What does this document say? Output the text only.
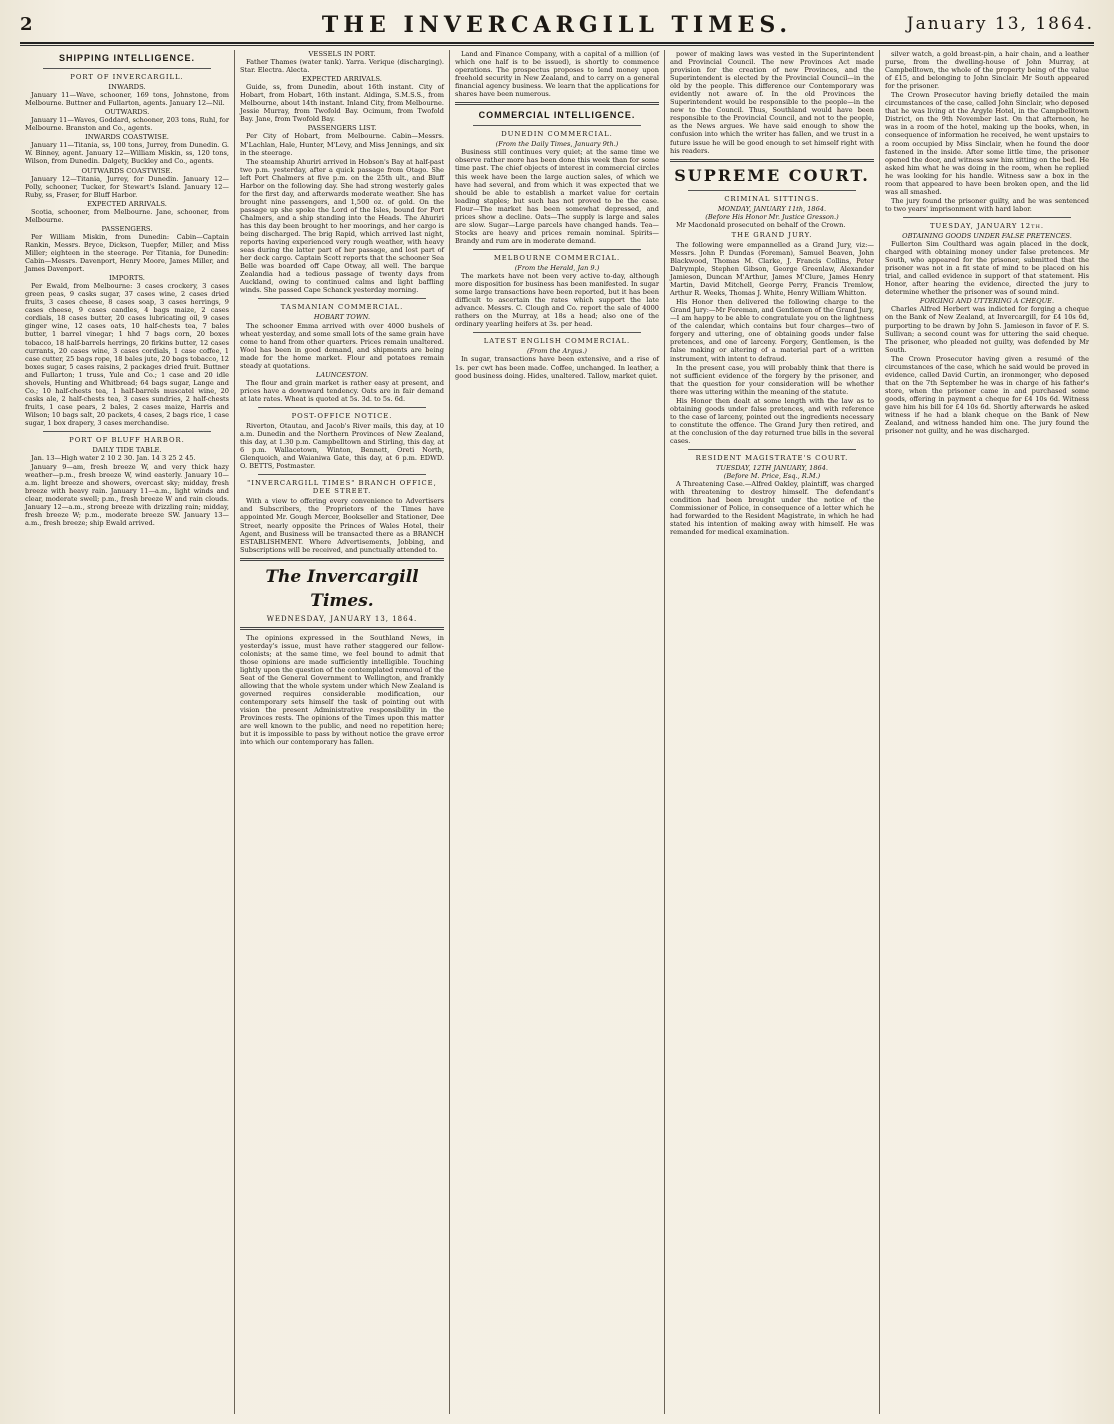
2	THE INVERCARGILL TIMES.	January 13, 1864.
SHIPPING INTELLIGENCE.
PORT OF INVERCARGILL.
INWARDS.

January 11—Wave, schooner, 169 tons, Johnstone, from Melbourne. Buttner and Fullarton, agents. January 12—Nil.

OUTWARDS.

January 11—Waves, Goddard, schooner, 203 tons, Ruhl, for Melbourne. Branston and Co., agents.

INWARDS COASTWISE.

January 11—Titania, ss, 100 tons, Jurrey, from Dunedin. G. W. Binney, agent. January 12—William Miskin, ss, 120 tons, Wilson, from Dunedin. Dalgety, Buckley and Co., agents.

OUTWARDS COASTWISE.

January 12—Titania, Jurrey, for Dunedin. January 12—Polly, schooner, Tucker, for Stewart's Island. January 12—Ruby, ss, Fraser, for Bluff Harbor.

EXPECTED ARRIVALS.

Scotia, schooner, from Melbourne. Jane, schooner, from Melbourne.

PASSENGERS.

Per William Miskin, from Dunedin: Cabin—Captain Rankin, Messrs. Bryce, Dickson, Tuepfer, Miller, and Miss Miller; eighteen in the steerage. Per Titania, for Dunedin: Cabin—Messrs. Davenport, Henry Moore, James Miller, and James Davenport.

IMPORTS.

Per Ewald, from Melbourne: 3 cases crockery, 3 cases green peas, 9 casks sugar, 37 cases wine, 2 cases dried fruits, 3 cases cheese, 8 cases soap, 3 cases herrings, 9 cases cheese, 9 cases candles, 4 bags maize, 2 cases cordials, 18 cases butter, 20 cases lubricating oil, 9 cases ginger wine, 12 cases oats, 10 half-chests tea, 7 bales butter, 1 barrel vinegar; 1 hhd 7 bags corn, 20 boxes tobacco, 18 half-barrels herrings, 20 firkins butter, 12 cases currants, 20 cases wine, 3 cases cordials, 1 case coffee, 1 case cutter, 25 bags rope, 18 bales jute, 20 bags tobacco, 12 boxes sugar, 5 cases raisins, 2 packages dried fruit. Buttner and Fullarton; 1 truss, Yule and Co.; 1 case and 20 idle shovels, Hunting and Whitbread; 64 bags sugar, Lange and Co.; 10 half-chests tea, 1 half-barrels muscatel wine, 20 casks ale, 2 half-chests tea, 3 cases sundries, 2 half-chests fruits, 1 case pears, 2 bales, 2 cases maize, Harris and Wilson; 10 bags salt, 20 packets, 4 cases, 2 bags rice, 1 case sugar, 1 box drapery, 3 cases merchandise.

PORT OF BLUFF HARBOR.
DAILY TIDE TABLE.

Jan. 13—High water 2 10 2 30. Jan. 14 3 25 2 45.

January 9—am, fresh breeze W, and very thick hazy weather—p.m., fresh breeze W, wind easterly. January 10—a.m. light breeze and showers, overcast sky; midday, fresh breeze with heavy rain. January 11—a.m., light winds and clear, moderate swell; p.m., fresh breeze W and rain clouds. January 12—a.m., strong breeze with drizzling rain; midday, fresh breeze W; p.m., moderate breeze SW. January 13—a.m., fresh breeze; ship Ewald arrived.

VESSELS IN PORT.

Father Thames (water tank). Yarra. Verique (discharging). Star. Electra. Alecta.

EXPECTED ARRIVALS.

Guide, ss, from Dunedin, about 16th instant. City of Hobart, from Hobart, 16th instant. Aldinga, S.M.S.S., from Melbourne, about 14th instant. Inland City, from Melbourne. Jessie Murray, from Twofold Bay. Ocimum, from Twofold Bay. Jane, from Twofold Bay.

PASSENGERS LIST.

Per City of Hobart, from Melbourne. Cabin—Messrs. M'Lachlan, Hale, Hunter, M'Levy, and Miss Jennings, and six in the steerage.

The steamship Ahuriri arrived in Hobson's Bay at half-past two p.m. yesterday, after a quick passage from Otago. She left Port Chalmers at five p.m. on the 25th ult., and Bluff Harbor on the following day. She had strong westerly gales for the first day, and afterwards moderate weather. She has brought nine passengers, and 1,500 oz. of gold. On the passage up she spoke the Lord of the Isles, bound for Port Chalmers, and a ship standing into the Heads. The Ahuriri has this day been brought to her moorings, and her cargo is being discharged. The brig Rapid, which arrived last night, reports having experienced very rough weather, with heavy seas during the latter part of her passage, and lost part of her deck cargo. Captain Scott reports that the schooner Sea Belle was boarded off Cape Otway, all well. The barque Zealandia had a tedious passage of twenty days from Auckland, owing to continued calms and light baffling winds. She passed Cape Schanck yesterday morning.

TASMANIAN COMMERCIAL.
HOBART TOWN.

The schooner Emma arrived with over 4000 bushels of wheat yesterday, and some small lots of the same grain have come to hand from other quarters. Prices remain unaltered. Wool has been in good demand, and shipments are being made for the home market. Flour and potatoes remain steady at quotations.

LAUNCESTON.

The flour and grain market is rather easy at present, and prices have a downward tendency. Oats are in fair demand at late rates. Wheat is quoted at 5s. 3d. to 5s. 6d.

POST-OFFICE NOTICE.

Riverton, Otautau, and Jacob's River mails, this day, at 10 a.m. Dunedin and the Northern Provinces of New Zealand, this day, at 1.30 p.m. Campbelltown and Stirling, this day, at 6 p.m. Wallacetown, Winton, Bennett, Oreti North, Glenquoich, and Waianiwa Gate, this day, at 6 p.m. EDWD. O. BETTS, Postmaster.

"INVERCARGILL TIMES" BRANCH OFFICE, DEE STREET.

With a view to offering every convenience to Advertisers and Subscribers, the Proprietors of the Times have appointed Mr. Gough Mercer, Bookseller and Stationer, Dee Street, nearly opposite the Princes of Wales Hotel, their Agent, and Business will be transacted there as a BRANCH ESTABLISHMENT. Where Advertisements, Jobbing, and Subscriptions will be received, and punctually attended to.

The Invercargill Times.
WEDNESDAY, JANUARY 13, 1864.

The opinions expressed in the Southland News, in yesterday's issue, must have rather staggered our fellow-colonists; at the same time, we feel bound to admit that those opinions are made sufficiently intelligible. Touching lightly upon the question of the contemplated removal of the Seat of the General Government to Wellington, and frankly allowing that the whole system under which New Zealand is governed requires considerable modification, our contemporary sets himself the task of pointing out with vision the present Administrative responsibility in the Provinces rests. The opinions of the Times upon this matter are well known to the public, and need no repetition here; but it is impossible to pass by without notice the grave error into which our contemporary has fallen.

Land and Finance Company, with a capital of a million (of which one half is to be issued), is shortly to commence operations. The prospectus proposes to lend money upon freehold security in New Zealand, and to carry on a general financial agency business. We learn that the applications for shares have been numerous.

COMMERCIAL INTELLIGENCE.
DUNEDIN COMMERCIAL.
(From the Daily Times, January 9th.)

Business still continues very quiet; at the same time we observe rather more has been done this week than for some time past. The chief objects of interest in commercial circles this week have been the large auction sales, of which we have had several, and from which it was expected that we should be able to establish a market value for certain leading staples; but such has not proved to be the case. Flour—The market has been somewhat depressed, and prices show a decline. Oats—The supply is large and sales are slow. Sugar—Large parcels have changed hands. Tea—Stocks are heavy and prices remain nominal. Spirits—Brandy and rum are in moderate demand.

MELBOURNE COMMERCIAL.
(From the Herald, Jan 9.)

The markets have not been very active to-day, although more disposition for business has been manifested. In sugar some large transactions have been reported, but it has been difficult to ascertain the rates which support the late advance. Messrs. C. Clough and Co. report the sale of 4000 rathers on the Murray, at 18s a head; also one of the ordinary yearling heifers at 3s. per head.

LATEST ENGLISH COMMERCIAL.
(From the Argus.)

In sugar, transactions have been extensive, and a rise of 1s. per cwt has been made. Coffee, unchanged. In leather, a good business doing. Hides, unaltered. Tallow, market quiet.

power of making laws was vested in the Superintendent and Provincial Council. The new Provinces Act made provision for the creation of new Provinces, and the Superintendent is elected by the Provincial Council—in the old by the people. This difference our Contemporary was evidently not aware of. In the old Provinces the Superintendent would be responsible to the people—in the new to the Council. Thus, Southland would have been responsible to the Provincial Council, and not to the people, as the News argues. We have said enough to show the confusion into which the writer has fallen, and we trust in a future issue he will be good enough to set himself right with his readers.

SUPREME COURT.
CRIMINAL SITTINGS.
MONDAY, JANUARY 11th, 1864.
(Before His Honor Mr. Justice Gresson.)

Mr Macdonald prosecuted on behalf of the Crown.

THE GRAND JURY.

The following were empannelled as a Grand Jury, viz:—Messrs. John P. Dundas (Foreman), Samuel Beaven, John Blackwood, Thomas M. Clarke, J. Francis Collins, Peter Dalrymple, Stephen Gibson, George Greenlaw, Alexander Jamieson, Duncan M'Arthur, James M'Clure, James Henry Martin, David Mitchell, George Perry, Francis Tremlow, Arthur R. Weeks, Thomas J. White, Henry William Whitton.

His Honor then delivered the following charge to the Grand Jury:—Mr Foreman, and Gentlemen of the Grand Jury,—I am happy to be able to congratulate you on the lightness of the calendar, which contains but four charges—two of forgery and uttering, one of obtaining goods under false pretences, and one of larceny. Forgery, Gentlemen, is the false making or altering of a material part of a written instrument, with intent to defraud.

In the present case, you will probably think that there is not sufficient evidence of the forgery by the prisoner, and that the question for your consideration will be whether there was uttering within the meaning of the statute.

His Honor then dealt at some length with the law as to obtaining goods under false pretences, and with reference to the case of larceny, pointed out the ingredients necessary to constitute the offence. The Grand Jury then retired, and at the conclusion of the day returned true bills in the several cases.

RESIDENT MAGISTRATE'S COURT.
TUESDAY, 12TH JANUARY, 1864.
(Before M. Price, Esq., R.M.)

A Threatening Case.—Alfred Oakley, plaintiff, was charged with threatening to destroy himself. The defendant's condition had been brought under the notice of the Commissioner of Police, in consequence of a letter which he had forwarded to the Resident Magistrate, in which he had stated his intention of making away with himself. He was remanded for medical examination.

silver watch, a gold breast-pin, a hair chain, and a leather purse, from the dwelling-house of John Murray, at Campbelltown, the whole of the property being of the value of £15, and belonging to John Sinclair. Mr South appeared for the prisoner.

The Crown Prosecutor having briefly detailed the main circumstances of the case, called John Sinclair, who deposed that he was living at the Argyle Hotel, in the Campbelltown District, on the 9th November last. On that afternoon, he was in a room of the hotel, making up the books, when, in consequence of information he received, he went upstairs to a room occupied by Miss Sinclair, when he found the door fastened in the inside. After some little time, the prisoner opened the door, and witness saw him sitting on the bed. He asked him what he was doing in the room, when he replied he was looking for his handle. Witness saw a box in the room that appeared to have been broken open, and the lid was all smashed.

The jury found the prisoner guilty, and he was sentenced to two years' imprisonment with hard labor.

TUESDAY, JANUARY 12th.
OBTAINING GOODS UNDER FALSE PRETENCES.

Fullerton Sim Coulthard was again placed in the dock, charged with obtaining money under false pretences. Mr South, who appeared for the prisoner, submitted that the prisoner was not in a fit state of mind to be placed on his trial, and called evidence in support of that statement. His Honor, after hearing the evidence, directed the jury to determine whether the prisoner was of sound mind.

FORGING AND UTTERING A CHEQUE.

Charles Alfred Herbert was indicted for forging a cheque on the Bank of New Zealand, at Invercargill, for £4 10s 6d, purporting to be drawn by John S. Jamieson in favor of F. S. Sullivan; a second count was for uttering the said cheque. The prisoner, who pleaded not guilty, was defended by Mr South.

The Crown Prosecutor having given a resumé of the circumstances of the case, which he said would be proved in evidence, called David Curtin, an ironmonger, who deposed that on the 7th September he was in charge of his father's store, when the prisoner came in and purchased some goods, offering in payment a cheque for £4 10s 6d. Witness gave him his bill for £4 10s 6d. Shortly afterwards he asked witness if he had a blank cheque on the Bank of New Zealand, and witness handed him one. The jury found the prisoner not guilty, and he was discharged.
